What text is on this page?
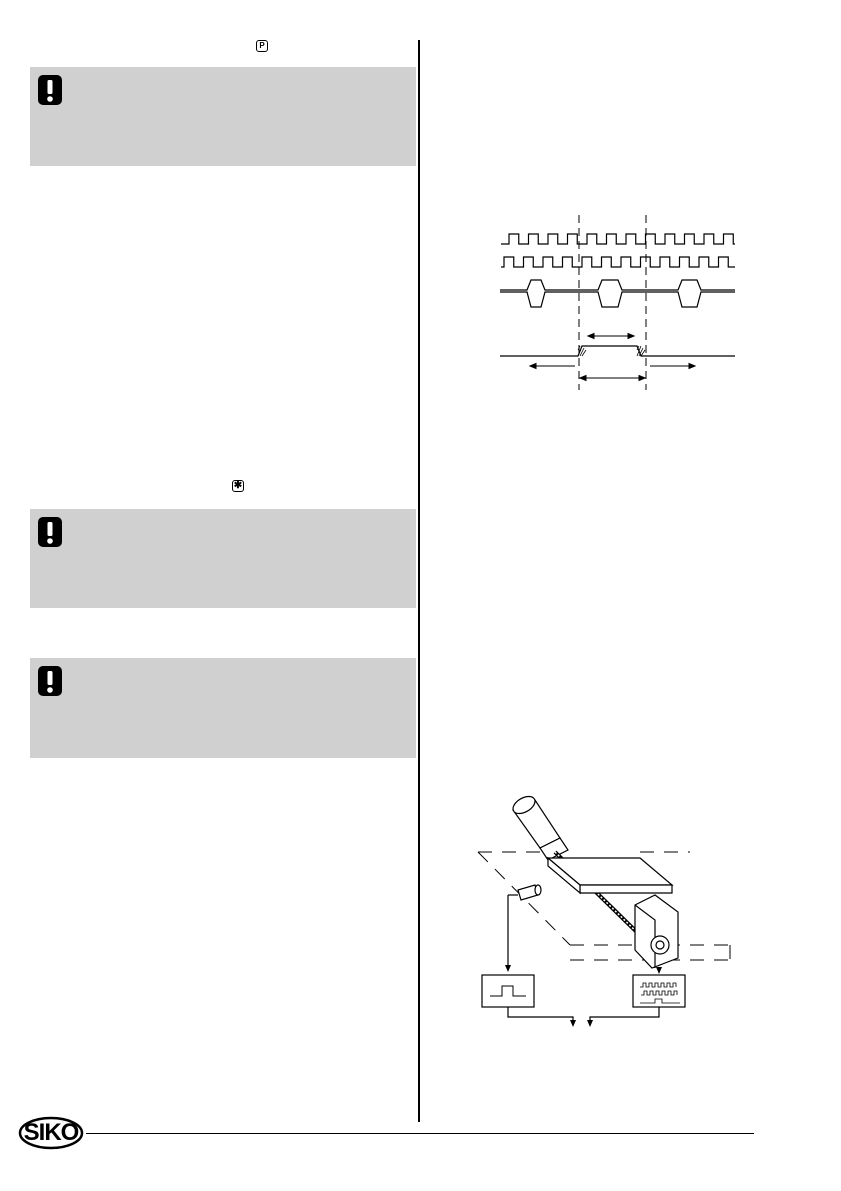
P
✱
SIKO
